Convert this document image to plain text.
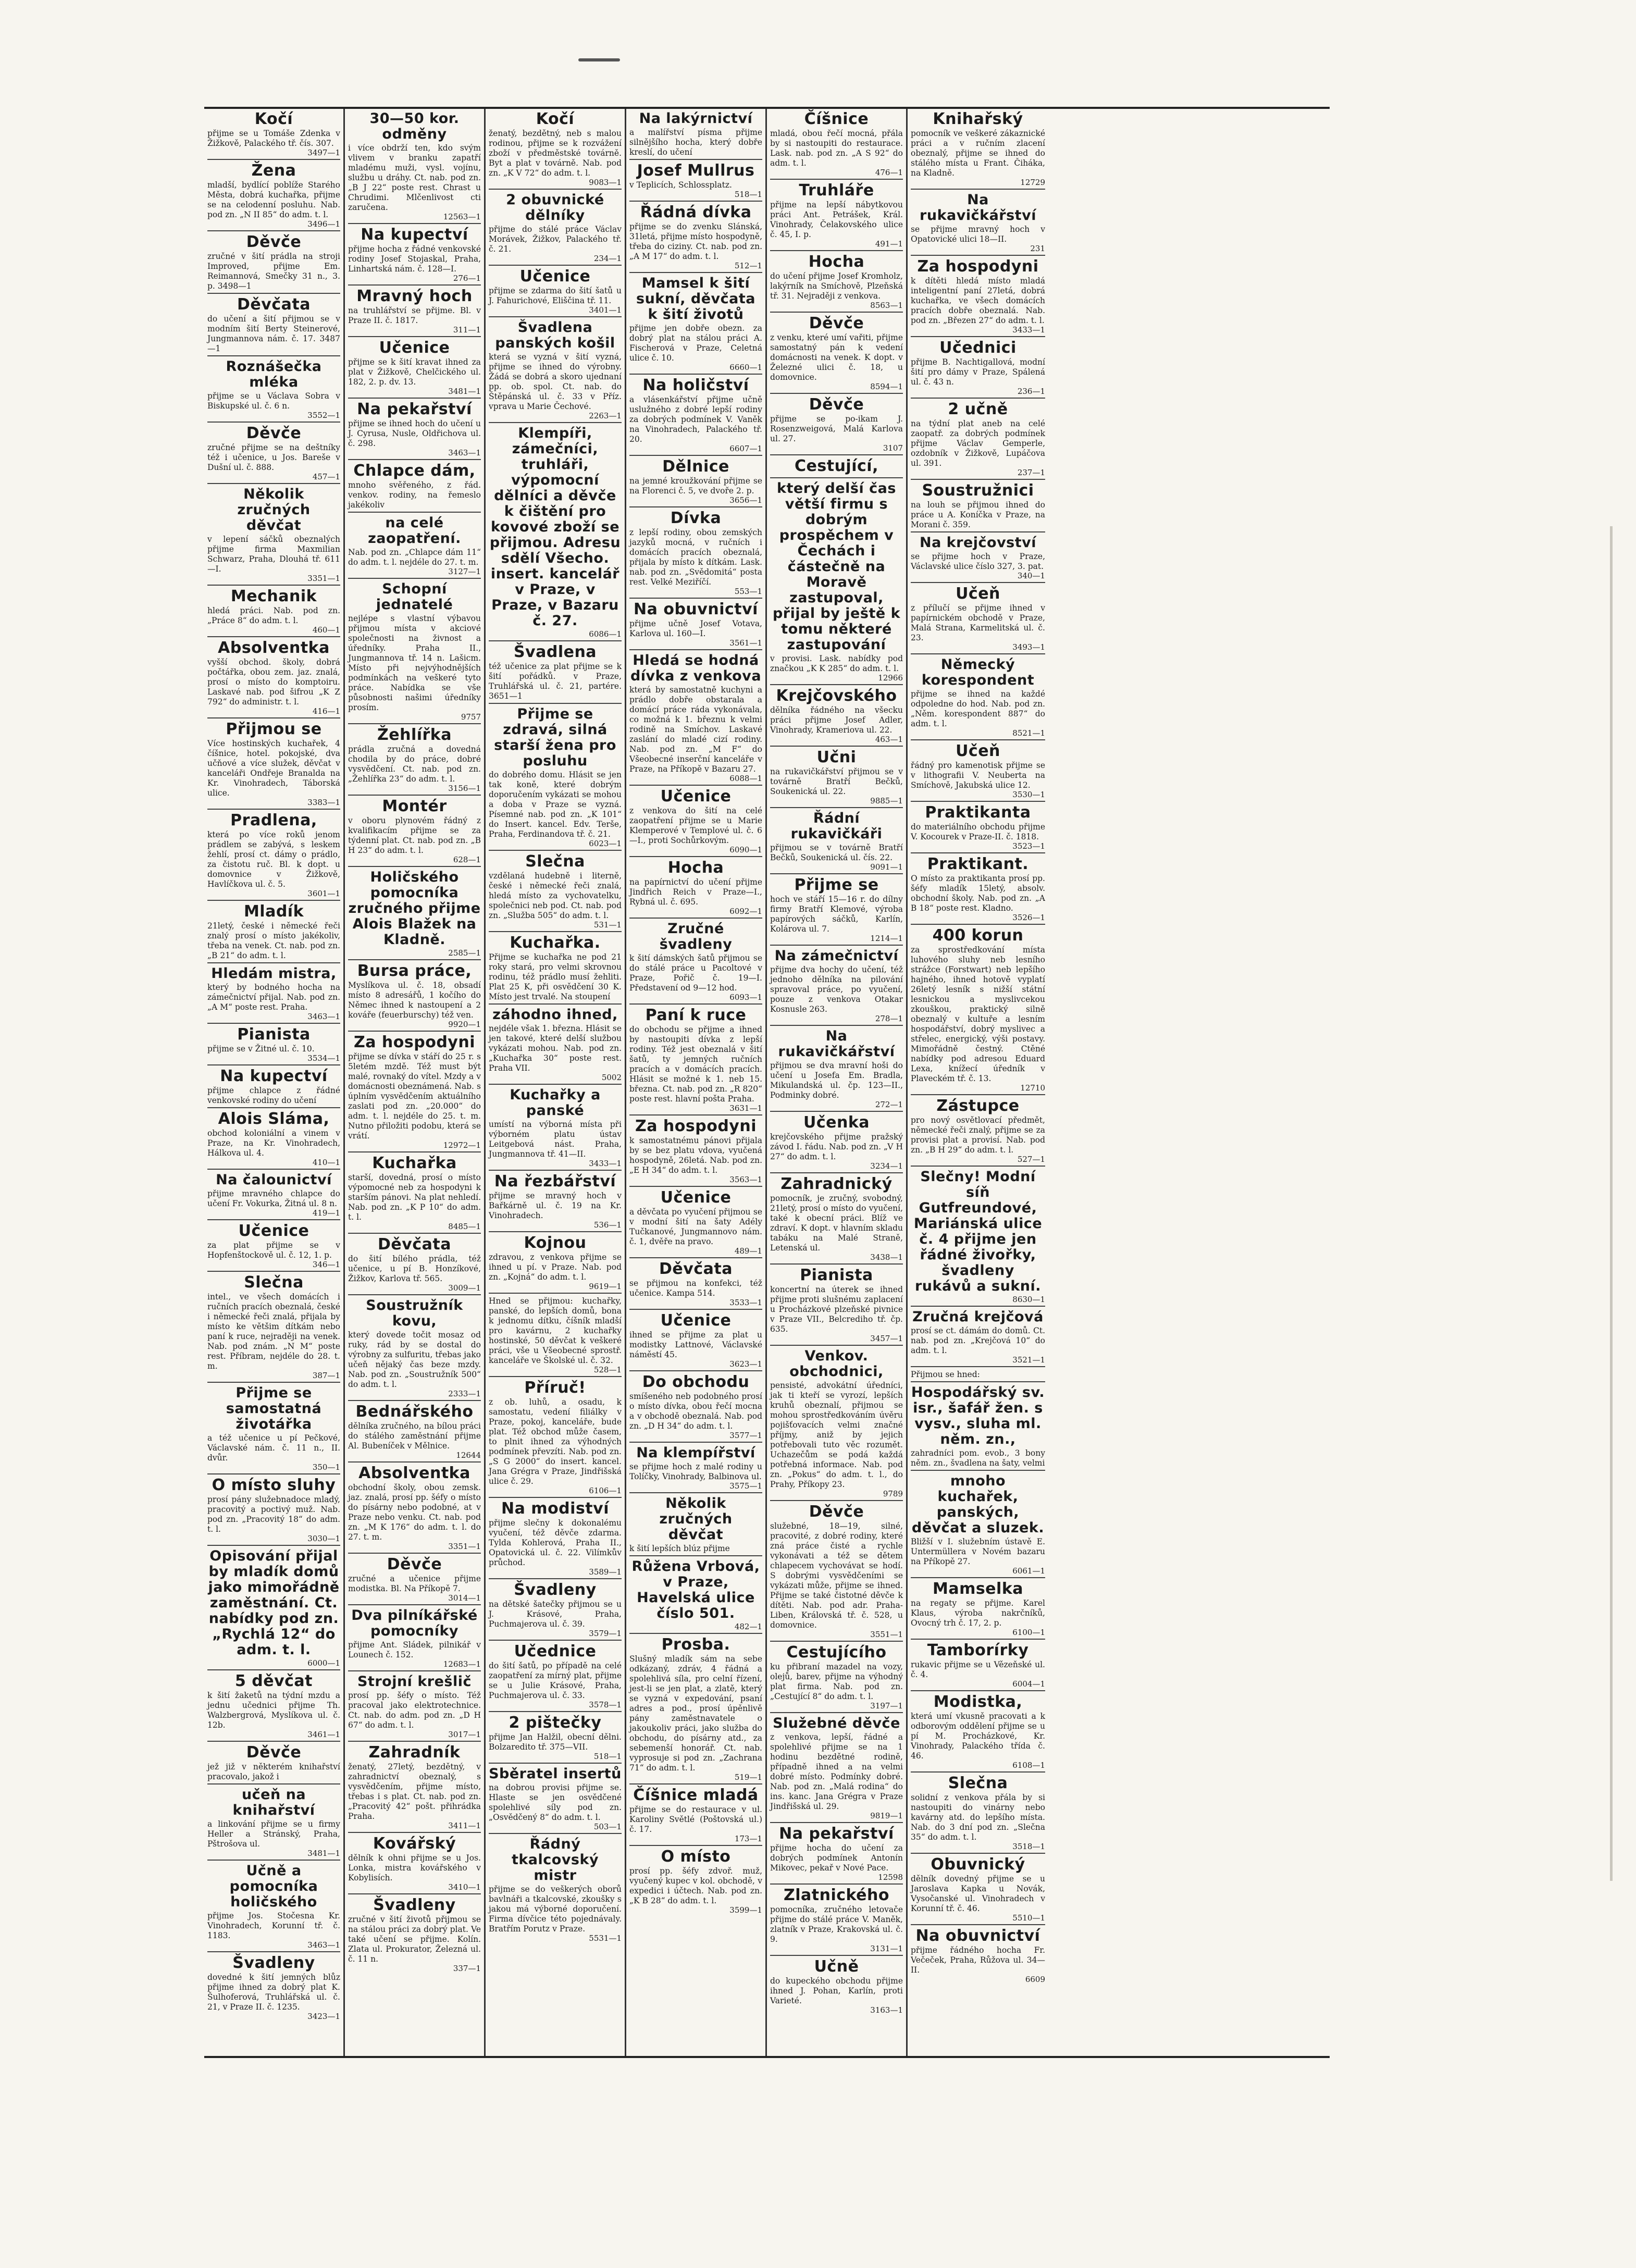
Kočí

přijme se u Tomáše Zdenka v Žižkově, Palackého tř. čís. 307.

3497—1
Žena

mladší, bydlící poblíže Starého Města, dobrá kuchařka, přijme se na celodenní posluhu. Nab. pod zn. „N II 85“ do adm. t. l.

3496—1
Děvče

zručné v šití prádla na stroji Improved, přijme Em. Reimannová, Smečky 31 n., 3. p. 3498—1

Děvčata

do učení a šití přijmou se v modním šití Berty Steinerové, Jungmannova nám. č. 17. 3487—1

Roznášečka mléka

přijme se u Václava Sobra v Biskupské ul. č. 6 n.

3552—1
Děvče

zručné přijme se na deštníky též i učenice, u Jos. Bareše v Dušní ul. č. 888.

457—1
Několik zručných děvčat

v lepení sáčků obeznalých přijme firma Maxmilian Schwarz, Praha, Dlouhá tř. 611—I.

3351—1
Mechanik

hledá práci. Nab. pod zn. „Práce 8“ do adm. t. l.

460—1
Absolventka

vyšší obchod. školy, dobrá počtářka, obou zem. jaz. znalá, prosí o místo do komptoiru. Laskavé nab. pod šifrou „K Z 792“ do administr. t. l.

416—1
Přijmou se

Více hostinských kuchařek, 4 číšnice, hotel. pokojské, dva učňové a více služek, děvčat v kanceláři Ondřeje Branalda na Kr. Vinohradech, Táborská ulice.

3383—1
Pradlena,

která po více roků jenom prádlem se zabývá, s leskem žehlí, prosí ct. dámy o prádlo, za čistotu ruč. Bl. k dopt. u domovnice v Žižkově, Havlíčkova ul. č. 5.

3601—1
Mladík

21letý, české i německé řeči znalý prosí o místo jakékoliv, třeba na venek. Ct. nab. pod zn. „B 21“ do adm. t. l.

Hledám mistra,

který by bodného hocha na zámečnictví přijal. Nab. pod zn. „A M“ poste rest. Praha.

3463—1
Pianista

přijme se v Žitné ul. č. 10.

3534—1
Na kupectví

přijme chlapce z řádné venkovské rodiny do učení

Alois Sláma,

obchod koloniální a vinem v Praze, na Kr. Vinohradech, Hálkova ul. 4.

410—1
Na čalounictví

přijme mravného chlapce do učení Fr. Vokurka, Žitná ul. 8 n.

419—1
Učenice

za plat přijme se v Hopfenštockově ul. č. 12, 1. p.

346—1
Slečna

intel., ve všech domácích i ručních pracích obeznalá, české i německé řeči znalá, přijala by místo ke většim dítkám nebo paní k ruce, nejraději na venek. Nab. pod znám. „N M“ poste rest. Příbram, nejdéle do 28. t. m.

387—1
Přijme se samostatná životářka

a též učenice u pí Pečkové, Václavské nám. č. 11 n., II. dvůr.

350—1
O místo sluhy

prosí pány služebnadoce mladý, pracovitý a poctivý muž. Nab. pod zn. „Pracovitý 18“ do adm. t. l.

3030—1
Opisování přijal by mladík domů jako mimořádně zaměstnání. Ct. nabídky pod zn. „Rychlá 12“ do adm. t. l.
6000—1
5 děvčat

k šití žaketů na týdní mzdu a jednu učednici přijme Th. Walzbergrová, Myslíkova ul. č. 12b.

3461—1
Děvče

jež již v některém knihařství pracovalo, jakož i

učeň na knihařství

a linkování přijme se u firmy Heller a Stránský, Praha, Pštrošova ul.

3481—1
Učně a pomocníka holičského

přijme Jos. Stočesna Kr. Vinohradech, Korunní tř. č. 1183.

3463—1
Švadleny

dovedné k šití jemných blůz přijme ihned za dobrý plat K. Šulhoferová, Truhlářská ul. č. 21, v Praze II. č. 1235.

3423—1
30—50 kor. odměny

i více obdrží ten, kdo svým vlivem v branku zapatří mladému muži, vysl. vojínu, službu u dráhy. Ct. nab. pod zn. „B J 22“ poste rest. Chrast u Chrudimi. Mlčenlivost cti zaručena.

12563—1
Na kupectví

přijme hocha z řádné venkovské rodiny Josef Stojaskal, Praha, Linhartská nám. č. 128—I.

276—1
Mravný hoch

na truhlářství se přijme. Bl. v Praze II. č. 1817.

311—1
Učenice

přijme se k šití kravat ihned za plat v Žižkově, Chelčického ul. 182, 2. p. dv. 13.

3481—1
Na pekařství

přijme se ihned hoch do učení u J. Cyrusa, Nusle, Oldřichova ul. č. 298.

3463—1
Chlapce dám,

mnoho svěřeného, z řád. venkov. rodiny, na řemeslo jakékoliv

na celé zaopatření.

Nab. pod zn. „Chlapce dám 11“ do adm. t. l. nejdéle do 27. t. m.

3127—1
Schopní jednatelé

nejlépe s vlastní výbavou přijmou místa v akciové společnosti na živnost a úředníky. Praha II., Jungmannova tř. 14 n. Lašicm. Místo při nejvýhodnějších podmínkách na veškeré tyto práce. Nabídka se vše působnosti našimi úředníky prosím.

9757
Žehlířka

prádla zručná a dovedná chodila by do práce, dobré vysvědčení. Ct. nab. pod zn. „Žehlířka 23“ do adm. t. l.

3156—1
Montér

v oboru plynovém řádný z kvalifikacím přijme se za týdenní plat. Ct. nab. pod zn. „B H 23“ do adm. t. l.

628—1
Holičského pomocníka zručného přijme Alois Blažek na Kladně.
2585—1
Bursa práce,

Myslíkova ul. č. 18, obsadí místo 8 adresářů, 1 kočího do Němec ihned k nastoupení a 2 kováře (feuerburschy) též ven.

9920—1
Za hospodyni

přijme se dívka v stáří do 25 r. s 5letém mzdě. Též must být malé, rovnaký do vítel. Mzdy a v domácnosti obeznámená. Nab. s úplním vysvědčením aktuálního zaslati pod zn. „20.000“ do adm. t. l. nejdéle do 25. t. m. Nutno přiložiti podobu, která se vrátí.

12972—1
Kuchařka

starší, dovedná, prosí o místo výpomocné neb za hospodyni k starším pánovi. Na plat nehledí. Nab. pod zn. „K P 10“ do adm. t. l.

8485—1
Děvčata

do šití bílého prádla, též učenice, u pí B. Honzíkové, Žižkov, Karlova tř. 565.

3009—1
Soustružník kovu,

který dovede točit mosaz od ruky, rád by se dostal do výrobny za sulfuritu, třebas jako učeň nějaký čas beze mzdy. Nab. pod zn. „Soustružník 500“ do adm. t. l.

2333—1
Bednářského

dělníka zručného, na bílou práci do stálého zaměstnání přijme Al. Bubeníček v Mělnice.

12644
Absolventka

obchodní školy, obou zemsk. jaz. znalá, prosí pp. šéfy o místo do písárny nebo podobné, at v Praze nebo venku. Ct. nab. pod zn. „M K 176“ do adm. t. l. do 27. t. m.

3351—1
Děvče

zručné a učenice přijme modistka. Bl. Na Příkopě 7.

3014—1
Dva pilníkářské pomocníky

přijme Ant. Sládek, pilnikář v Lounech č. 152.

12683—1
Strojní krešlič

prosí pp. šéfy o místo. Též pracoval jako elektrotechnice. Ct. nab. do adm. pod zn. „D H 67“ do adm. t. l.

3017—1
Zahradník

ženatý, 27letý, bezdětný, v zahradnictví obeznalý, s vysvědčením, přijme místo, třebas i s plat. Ct. nab. pod zn. „Pracovitý 42“ pošt. přihrádka Praha.

3411—1
Kovářský

dělník k ohni přijme se u Jos. Lonka, mistra kovářského v Kobylisích.

3410—1
Švadleny

zručné v šití životů přijmou se na stálou práci za dobrý plat. Ve také učení se přijme. Kolín. Zlata ul. Prokurator, Železná ul. č. 11 n.

337—1
Kočí

ženatý, bezdětný, neb s malou rodinou, přijme se k rozvážení zboží v předměstské továrně. Byt a plat v továrně. Nab. pod zn. „K V 72“ do adm. t. l.

9083—1
2 obuvnické dělníky

přijme do stálé práce Václav Morávek, Žižkov, Palackého tř. č. 21.

234—1
Učenice

přijme se zdarma do šití šatů u J. Fahurichové, Eliščina tř. 11.

3401—1
Švadlena panských košil

která se vyzná v šití vyzná, přijme se ihned do výrobny. Žádá se dobrá a skoro ujednaní pp. ob. spol. Ct. nab. do Štěpánská ul. č. 33 v Příz. vprava u Marie Čechové.

2263—1
Klempíři, zámečníci, truhláři, výpomocní dělníci a děvče k čištění pro kovové zboží se přijmou. Adresu sdělí Všecho. insert. kancelář v Praze, v Praze, v Bazaru č. 27.
6086—1
Švadlena

též učenice za plat přijme se k šití pořádků. v Praze, Truhlářská ul. č. 21, partére. 3651—1

Přijme se zdravá, silná starší žena pro posluhu

do dobrého domu. Hlásit se jen tak koně, které dobrým doporučením vykázati se mohou a doba v Praze se vyzná. Písemné nab. pod zn. „K 101“ do Insert. kancel. Edv. Terše, Praha, Ferdinandova tř. č. 21.

6023—1
Slečna

vzdělaná hudebně i literně, české i německé řeči znalá, hledá místo za vychovatelku, společnici neb pod. Ct. nab. pod zn. „Služba 505“ do adm. t. l.

531—1
Kuchařka.

Přijme se kuchařka ne pod 21 roky stará, pro velmi skrovnou rodinu, též prádlo musí žehliti. Plat 25 K, při osvědčení 30 K. Místo jest trvalé. Na stoupení

záhodno ihned,

nejdéle však 1. března. Hlásit se jen takové, které delší službou vykázati mohou. Nab. pod zn. „Kuchařka 30“ poste rest. Praha VII.

5002
Kuchařky a panské

umístí na výborná místa při výborném platu ústav Leitgebová nást. Praha, Jungmannova tř. 41—II.

3433—1
Na řezbářství

přijme se mravný hoch v Bařkárně ul. č. 19 na Kr. Vinohradech.

536—1
Kojnou

zdravou, z venkova přijme se ihned u pí. v Praze. Nab. pod zn. „Kojná“ do adm. t. l.

9619—1

Hned se přijmou: kuchařky, panské, do lepších domů, bona k jednomu dítku, číšník mladší pro kavárnu, 2 kuchařky hostinské, 50 děvčat k veškeré práci, vše u Všeobecné sprostř. kanceláře ve Školské ul. č. 32.

528—1
Příruč!

z ob. luhů, a osadu, k samostatu, vedení filiálky v Praze, pokoj, kanceláře, bude plat. Též obchod může časem, to plnit ihned za výhodných podmínek převzíti. Nab. pod zn. „S G 2000“ do insert. kancel. Jana Grégra v Praze, Jindřišská ulice č. 29.

6106—1
Na modiství

přijme slečny k dokonalému vyučení, též děvče zdarma. Tylda Kohlerová, Praha II., Opatovická ul. č. 22. Vilímkův průchod.

3589—1
Švadleny

na dětské šatečky přijmou se u J. Krásové, Praha, Puchmajerova ul. č. 39.

3579—1
Učednice

do šití šatů, po případě na celé zaopatření za mírný plat, přijme se u Julie Krásové, Praha, Puchmajerova ul. č. 33.

3578—1
2 pištečky

přijme Jan Halžil, obecní dělni. Bolzaredito tř. 375—VII.

518—1
Sběratel insertů

na dobrou provisi přijme se. Hlaste se jen osvědčené spolehlivé síly pod zn. „Osvědčený 8“ do adm. t. l.

503—1
Řádný tkalcovský mistr

přijme se do veškerých oborů bavlnáři a tkalcovské, zkoušky s jakou má výborné doporučení. Firma dívčice této pojednávaly. Bratřím Porutz v Praze.

5531—1
Na lakýrnictví

a malířství písma přijme silnějšího hocha, který dobře kreslí, do učení

Josef Mullrus

v Teplicích, Schlossplatz.

518—1
Řádná dívka

přijme se do zvenku Slánská, 31letá, přijme místo hospodyně, třeba do ciziny. Ct. nab. pod zn. „A M 17“ do adm. t. l.

512—1
Mamsel k šití sukní, děvčata k šití životů

přijme jen dobře obezn. za dobrý plat na stálou práci A. Fischerová v Praze, Celetná ulice č. 10.

6660—1
Na holičství

a vlásenkářství přijme učně uslužného z dobré lepší rodiny za dobrých podmínek V. Vaněk na Vinohradech, Palackého tř. 20.

6607—1
Dělnice

na jemné kroužkování přijme se na Florenci č. 5, ve dvoře 2. p.

3656—1
Dívka

z lepší rodiny, obou zemských jazyků mocná, v ručních i domácích pracích obeznalá, přijala by místo k dítkám. Lask. nab. pod zn. „Svědomitá“ posta rest. Velké Meziříčí.

553—1
Na obuvnictví

přijme učně Josef Votava, Karlova ul. 160—I.

3561—1
Hledá se hodná dívka z venkova

která by samostatně kuchyni a prádlo dobře obstarala a domácí práce ráda vykonávala, co možná k 1. březnu k velmi rodině na Smíchov. Laskavé zaslání do mladé cizí rodiny. Nab. pod zn. „M F“ do Všeobecné inserční kanceláře v Praze, na Příkopě v Bazaru 27.

6088—1
Učenice

z venkova do šití na celé zaopatření přijme se u Marie Klemperové v Templové ul. č. 6—I., proti Sochůrkovým.

6090—1
Hocha

na papírnictví do učení přijme Jindřich Reich v Praze—I., Rybná ul. č. 695.

6092—1
Zručné švadleny

k šití dámských šatů přijmou se do stálé práce u Pacoltové v Praze, Pořič č. 19—I. Představení od 9—12 hod.

6093—1
Paní k ruce

do obchodu se přijme a ihned by nastoupiti dívka z lepší rodiny. Též jest obeznalá v šití šatů, ty jemných ručních pracích a v domácích pracích. Hlásit se možné k 1. neb 15. března. Ct. nab. pod zn. „R 820“ poste rest. hlavní pošta Praha.

3631—1
Za hospodyni

k samostatnému pánovi přijala by se bez platu vdova, vyučená hospodyně, 26letá. Nab. pod zn. „E H 34“ do adm. t. l.

3563—1
Učenice

a děvčata po vyučení přijmou se v modní šití na šaty Adély Tučkanové, Jungmannovo nám. č. 1, dvěře na pravo.

489—1
Děvčata

se přijmou na konfekci, též učenice. Kampa 514.

3533—1
Učenice

ihned se přijme za plat u modistky Lattnové, Václavské náměstí 45.

3623—1
Do obchodu

smíšeného neb podobného prosí o místo dívka, obou řečí mocna a v obchodě obeznalá. Nab. pod zn. „D H 34“ do adm. t. l.

3577—1
Na klempířství

se přijme hoch z malé rodiny u Tolíčky, Vinohrady, Balbinova ul.

3575—1
Několik zručných děvčat

k šití lepších blúz přijme

Růžena Vrbová, v Praze, Havelská ulice číslo 501.
482—1
Prosba.

Slušný mladík sám na sebe odkázaný, zdráv, 4 řádná a spolehlivá síla, pro celní řízení, jest-li se jen plat, a zlatě, který se vyzná v expedování, psaní adres a pod., prosí úpěnlivě pány zaměstnavatele o jakoukoliv práci, jako služba do obchodu, do písárny atd., za sebemenší honorář. Ct. nab. vyprosuje si pod zn. „Zachrana 71“ do adm. t. l.

519—1
Číšnice mladá

přijme se do restaurace v ul. Karoliny Světlé (Poštovská ul.) č. 17.

173—1
O místo

prosí pp. šéfy zdvoř. muž, vyučený kupec v kol. obchodě, v expedici i účtech. Nab. pod zn. „K B 28“ do adm. t. l.

3599—1
Číšnice

mladá, obou řečí mocná, přála by si nastoupiti do restaurace. Lask. nab. pod zn. „A S 92“ do adm. t. l.

476—1
Truhláře

přijme na lepší nábytkovou práci Ant. Petrášek, Král. Vinohrady, Čelakovského ulice č. 45, I. p.

491—1
Hocha

do učení přijme Josef Kromholz, lakýrník na Smíchově, Plzeňská tř. 31. Nejraději z venkova.

8563—1
Děvče

z venku, které umí vařiti, přijme samostatný pán k vedení domácnosti na venek. K dopt. v Železné ulici č. 18, u domovnice.

8594—1
Děvče

přijme se po-ikam J. Rosenzweigová, Malá Karlova ul. 27.

3107
Cestující,
který delší čas větší firmu s dobrým prospěchem v Čechách i částečně na Moravě zastupoval, přijal by ještě k tomu některé zastupování

v provisi. Lask. nabídky pod značkou „K K 285“ do adm. t. l.

12966
Krejčovského

dělníka řádného na všecku práci přijme Josef Adler, Vinohrady, Krameriova ul. 22.

463—1
Učni

na rukavičkářství přijmou se v továrně Bratří Bečků, Soukenická ul. 22.

9885—1
Řádní rukavičkáři

přijmou se v továrně Bratří Bečků, Soukenická ul. čís. 22.

9091—1
Přijme se

hoch ve stáří 15—16 r. do dílny firmy Bratří Klemové, výroba papírových sáčků, Karlín, Kolárova ul. 7.

1214—1
Na zámečnictví

přijme dva hochy do učení, též jednoho dělníka na pilování spravoval práce, po vyučení, pouze z venkova Otakar Kosnusle 263.

278—1
Na rukavičkářství

přijmou se dva mravní hoši do učení u Josefa Em. Bradla, Mikulandská ul. čp. 123—II., Podminky dobré.

272—1
Učenka

krejčovského přijme pražský závod I. řádu. Nab. pod zn. „V H 27“ do adm. t. l.

3234—1
Zahradnický

pomocník, je zručný, svobodný, 21letý, prosí o místo do vyučení, také k obecní práci. Blíž ve zdraví. K dopt. v hlavním skladu tabáku na Malé Straně, Letenská ul.

3438—1
Pianista

koncertní na úterek se ihned přijme proti slušnému zaplacení u Procházkové plzeňské pivnice v Praze VII., Belcrediho tř. čp. 635.

3457—1
Venkov. obchodnici,

pensisté, advokátní úředníci, jak ti kteří se vyrozí, lepších kruhů obeznalí, přijmou se mohou sprostředkováním úvěru pojišťovacích velmi značné příjmy, aniž by jejich potřebovali tuto věc rozumět. Uchazečům se podá každá potřebná informace. Nab. pod zn. „Pokus“ do adm. t. l., do Prahy, Příkopy 23.

9789
Děvče

služebné, 18—19, silné, pracovité, z dobré rodiny, které zná práce čisté a rychle vykonávati a též se dětem chlapecem vychovávat se hodí. S dobrými vysvědčeními se vykázati může, přijme se ihned. Přijme se také čistotné děvče k dítěti. Nab. pod adr. Praha-Liben, Královská tř. č. 528, u domovnice.

3551—1
Cestujícího

ku přibraní mazadel na vozy, olejů, barev, přijme na výhodný plat firma. Nab. pod zn. „Cestující 8“ do adm. t. l.

3197—1
Služebné děvče

z venkova, lepší, řádné a spolehlivé přijme se na 1 hodinu bezdětné rodině, případně ihned a na velmi dobré místo. Podmínky dobré. Nab. pod zn. „Malá rodina“ do ins. kanc. Jana Grégra v Praze Jindřišská ul. 29.

9819—1
Na pekařství

přijme hocha do učení za dobrých podmínek Antonín Mikovec, pekař v Nové Pace.

12598
Zlatnického

pomocníka, zručného letovače přijme do stálé práce V. Maněk, zlatník v Praze, Krakovská ul. č. 9.

3131—1
Učně

do kupeckého obchodu přijme ihned J. Pohan, Karlín, proti Varieté.

3163—1
Knihařský

pomocník ve veškeré zákaznické práci a v ručním zlacení obeznalý, přijme se ihned do stálého místa u Frant. Čiháka, na Kladně.

12729
Na rukavičkářství

se přijme mravný hoch v Opatovické ulici 18—II.

231
Za hospodyni

k dítěti hledá místo mladá inteligentní paní 27letá, dobrá kuchařka, ve všech domácích pracích dobře obeznalá. Nab. pod zn. „Březen 27“ do adm. t. l.

3433—1
Učednici

přijme B. Nachtigallová, modní šití pro dámy v Praze, Spálená ul. č. 43 n.

236—1
2 učně

na týdní plat aneb na celé zaopatř. za dobrých podmínek přijme Václav Gemperle, ozdobník v Žižkově, Lupáčova ul. 391.

237—1
Soustružnici

na louh se přijmou ihned do práce u A. Koníčka v Praze, na Morani č. 359.

Na krejčovství

se přijme hoch v Praze, Václavské ulice číslo 327, 3. pat.

340—1
Učeň

z přílučí se přijme ihned v papírnickém obchodě v Praze, Malá Strana, Karmelitská ul. č. 23.

3493—1
Německý korespondent

přijme se ihned na každé odpoledne do hod. Nab. pod zn. „Něm. korespondent 887“ do adm. t. l.

8521—1
Učeň

řádný pro kamenotisk přijme se v lithografii V. Neuberta na Smíchově, Jakubská ulice 12.

3530—1
Praktikanta

do materiálního obchodu přijme V. Kocourek v Praze-II. č. 1818.

3523—1
Praktikant.

O místo za praktikanta prosí pp. šéfy mladík 15letý, absolv. obchodní školy. Nab. pod zn. „A B 18“ poste rest. Kladno.

3526—1
400 korun

za sprostředkování místa luhového sluhy neb lesního strážce (Forstwart) neb lepšího hajného, ihned hotově vyplatí 26letý lesník s nižší státní lesnickou a myslivcekou zkouškou, praktický silně obeznalý v kultuře a lesním hospodářství, dobrý myslivec a střelec, energický, výši postavy. Mimořádně čestný. Ctěné nabídky pod adresou Eduard Lexa, knížecí úředník v Plaveckém tř. č. 13.

12710
Zástupce

pro nový osvětlovací předmět, německé řeči znalý, přijme se za provisi plat a provisí. Nab. pod zn. „B H 29“ do adm. t. l.

527—1
Slečny! Modní síň Gutfreundové, Mariánská ulice č. 4 přijme jen řádné živořky, švadleny rukávů a sukní.
8630—1
Zručná krejčová

prosí se ct. dámám do domů. Ct. nab. pod zn. „Krejčová 10“ do adm. t. l.

3521—1

Přijmou se hned:

Hospodářský sv. isr., šafář žen. s vysv., sluha ml. něm. zn.,

zahradníci pom. evob., 3 bony něm. zn., švadlena na šaty, velmi

mnoho kuchařek, panských, děvčat a sluzek.

Bližší v I. služebním ústavě E. Untermüllera v Novém bazaru na Příkopě 27.

6061—1
Mamselka

na regaty se přijme. Karel Klaus, výroba nakrčníků, Ovocný trh č. 17, 2. p.

6100—1
Tamborírky

rukavic přijme se u Vězeňské ul. č. 4.

6004—1
Modistka,

která umí vkusně pracovati a k odborovým oddělení přijme se u pí M. Procházkové, Kr. Vinohrady, Palackého třída č. 46.

6108—1
Slečna

solidní z venkova přála by si nastoupiti do vinárny nebo kavárny atd. do lepšího místa. Nab. do 3 dní pod zn. „Slečna 35“ do adm. t. l.

3518—1
Obuvnický

dělník dovedný přijme se u Jaroslava Kapka u Novák, Vysočanské ul. Vinohradech v Korunní tř. č. 46.

5510—1
Na obuvnictví

přijme řádného hocha Fr. Večeček, Praha, Růžova ul. 34—II.

6609
